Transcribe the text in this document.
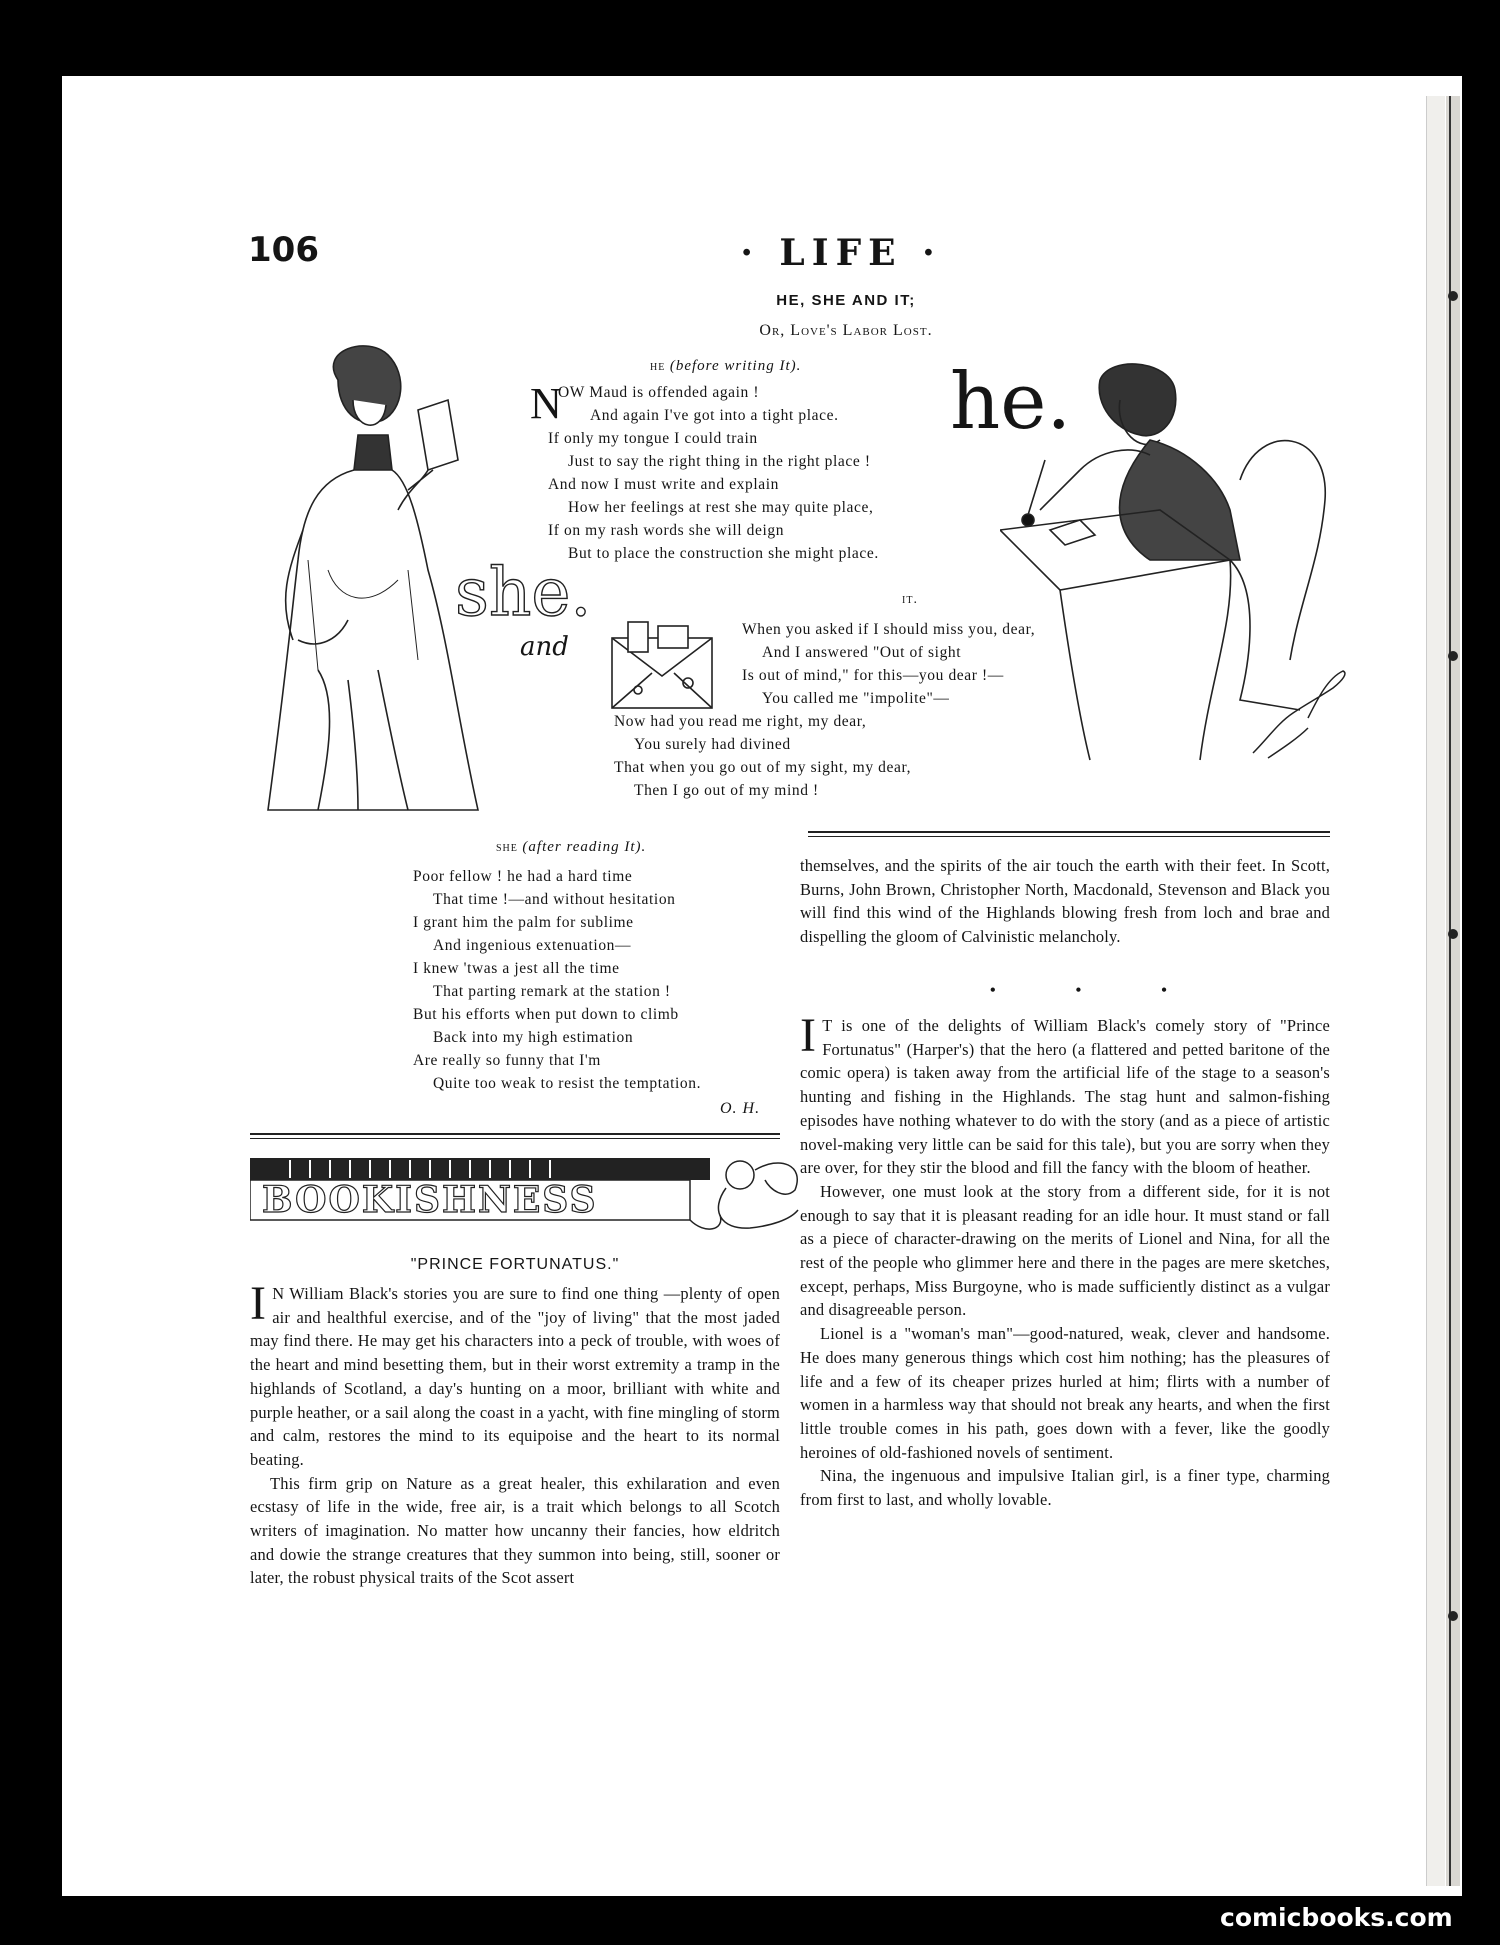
106	· LIFE ·
HE, SHE AND IT;
Or, Love's Labor Lost.
he.
she.
and
he (before writing It).
N
OW Maud is offended again !
And again I've got into a tight place.
If only my tongue I could train
Just to say the right thing in the right place !
And now I must write and explain
How her feelings at rest she may quite place,
If on my rash words she will deign
But to place the construction she might place.
it.
When you asked if I should miss you, dear,
And I answered "Out of sight
Is out of mind," for this—you dear !—
You called me "impolite"—
Now had you read me right, my dear,
You surely had divined
That when you go out of my sight, my dear,
Then I go out of my mind !
she (after reading It).
Poor fellow ! he had a hard time
That time !—and without hesitation
I grant him the palm for sublime
And ingenious extenuation—
I knew 'twas a jest all the time
That parting remark at the station !
But his efforts when put down to climb
Back into my high estimation
Are really so funny that I'm
Quite too weak to resist the temptation.
O. H.
BOOKISHNESS
"PRINCE FORTUNATUS."

I N William Black's stories you are sure to find one thing —plenty of open air and healthful exercise, and of the "joy of living" that the most jaded may find there. He may get his characters into a peck of trouble, with woes of the heart and mind besetting them, but in their worst extremity a tramp in the highlands of Scotland, a day's hunting on a moor, brilliant with white and purple heather, or a sail along the coast in a yacht, with fine mingling of storm and calm, restores the mind to its equipoise and the heart to its normal beating.

This firm grip on Nature as a great healer, this exhilaration and even ecstasy of life in the wide, free air, is a trait which belongs to all Scotch writers of imagination. No matter how uncanny their fancies, how eldritch and dowie the strange creatures that they summon into being, still, sooner or later, the robust physical traits of the Scot assert

themselves, and the spirits of the air touch the earth with their feet. In Scott, Burns, John Brown, Christopher North, Macdonald, Stevenson and Black you will find this wind of the Highlands blowing fresh from loch and brae and dispelling the gloom of Calvinistic melancholy.

• • •

I T is one of the delights of William Black's comely story of "Prince Fortunatus" (Harper's) that the hero (a flattered and petted baritone of the comic opera) is taken away from the artificial life of the stage to a season's hunting and fishing in the Highlands. The stag hunt and salmon-fishing episodes have nothing whatever to do with the story (and as a piece of artistic novel-making very little can be said for this tale), but you are sorry when they are over, for they stir the blood and fill the fancy with the bloom of heather.

However, one must look at the story from a different side, for it is not enough to say that it is pleasant reading for an idle hour. It must stand or fall as a piece of character-drawing on the merits of Lionel and Nina, for all the rest of the people who glimmer here and there in the pages are mere sketches, except, perhaps, Miss Burgoyne, who is made sufficiently distinct as a vulgar and disagreeable person.

Lionel is a "woman's man"—good-natured, weak, clever and handsome. He does many generous things which cost him nothing; has the pleasures of life and a few of its cheaper prizes hurled at him; flirts with a number of women in a harmless way that should not break any hearts, and when the first little trouble comes in his path, goes down with a fever, like the goodly heroines of old-fashioned novels of sentiment.

Nina, the ingenuous and impulsive Italian girl, is a finer type, charming from first to last, and wholly lovable.

comicbooks.com
